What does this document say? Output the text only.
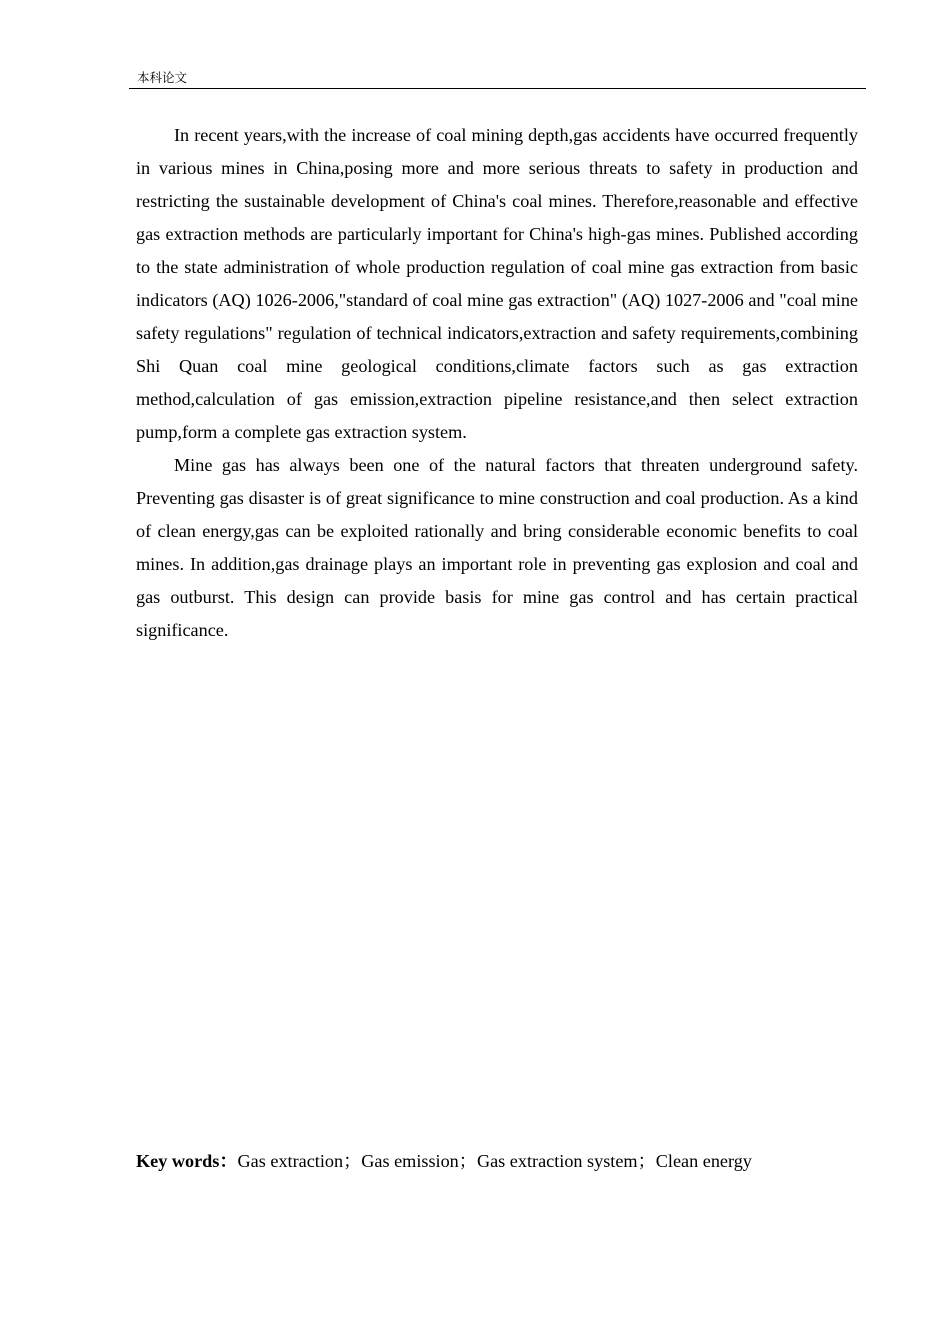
本科论文

In recent years,with the increase of coal mining depth,gas accidents have occurred frequently in various mines in China,posing more and more serious threats to safety in production and restricting the sustainable development of China's coal mines. Therefore,reasonable and effective gas extraction methods are particularly important for China's high-gas mines. Published according to the state administration of whole production regulation of coal mine gas extraction from basic indicators (AQ) 1026-2006,"standard of coal mine gas extraction" (AQ) 1027-2006 and "coal mine safety regulations" regulation of technical indicators,extraction and safety requirements,combining Shi Quan coal mine geological conditions,climate factors such as gas extraction method,calculation of gas emission,extraction pipeline resistance,and then select extraction pump,form a complete gas extraction system.

Mine gas has always been one of the natural factors that threaten underground safety. Preventing gas disaster is of great significance to mine construction and coal production. As a kind of clean energy,gas can be exploited rationally and bring considerable economic benefits to coal mines. In addition,gas drainage plays an important role in preventing gas explosion and coal and gas outburst. This design can provide basis for mine gas control and has certain practical significance.

Key words：Gas extraction；Gas emission；Gas extraction system；Clean energy
